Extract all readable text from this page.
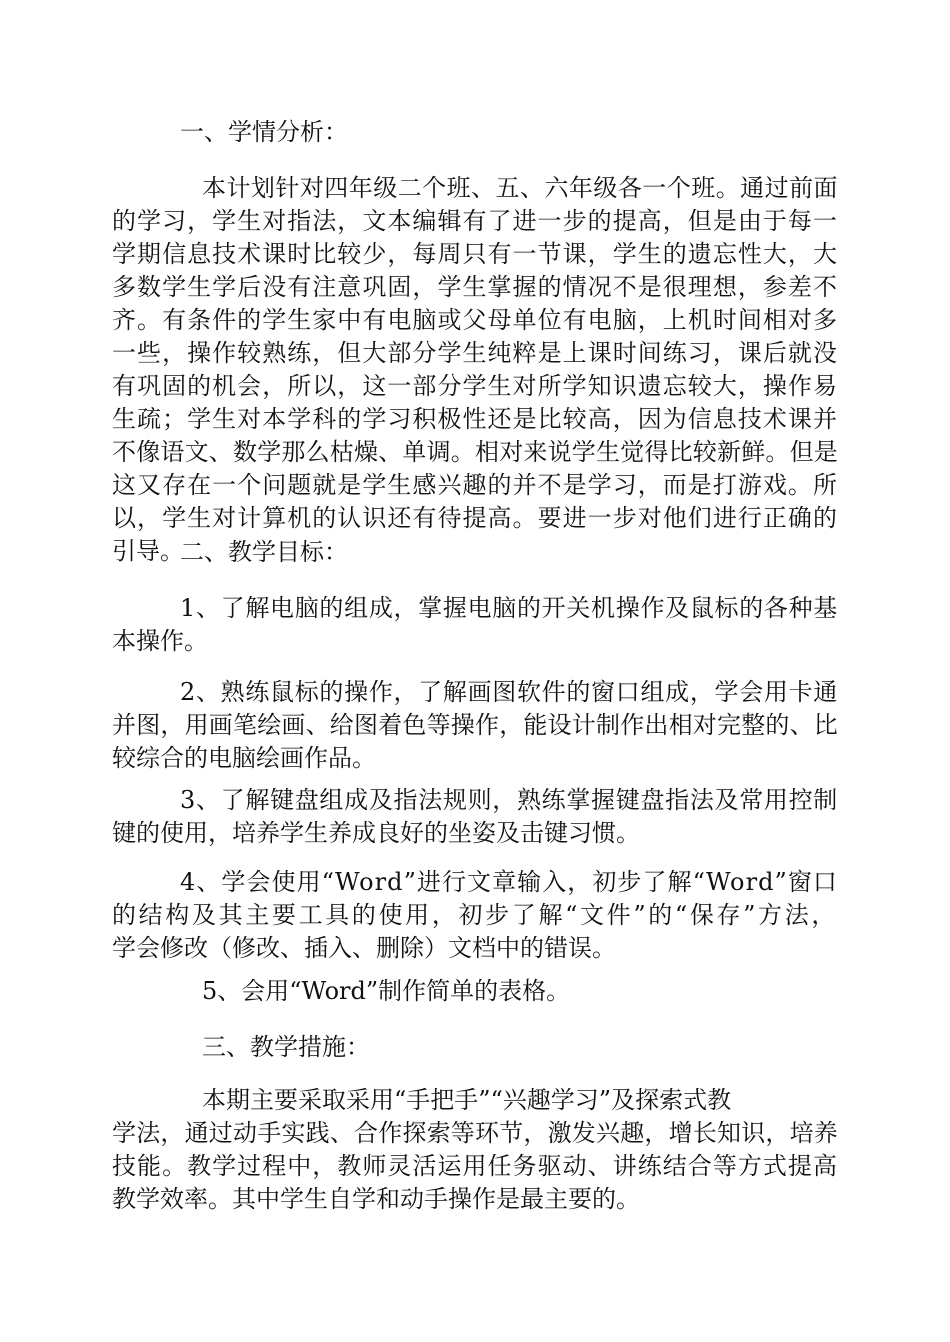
一、学情分析：
本计划针对四年级二个班、五、六年级各一个班。通过前面
的学习，学生对指法，文本编辑有了进一步的提高，但是由于每一
学期信息技术课时比较少，每周只有一节课，学生的遗忘性大，大
多数学生学后没有注意巩固，学生掌握的情况不是很理想，参差不
齐。有条件的学生家中有电脑或父母单位有电脑，上机时间相对多
一些，操作较熟练，但大部分学生纯粹是上课时间练习，课后就没
有巩固的机会，所以，这一部分学生对所学知识遗忘较大，操作易
生疏；学生对本学科的学习积极性还是比较高，因为信息技术课并
不像语文、数学那么枯燥、单调。相对来说学生觉得比较新鲜。但是
这又存在一个问题就是学生感兴趣的并不是学习，而是打游戏。所
以，学生对计算机的认识还有待提高。要进一步对他们进行正确的
引导。
二、教学目标：
1、了解电脑的组成，掌握电脑的开关机操作及鼠标的各种基
本操作。
2、熟练鼠标的操作，了解画图软件的窗口组成，学会用卡通
并图，用画笔绘画、给图着色等操作，能设计制作出相对完整的、比
较综合的电脑绘画作品。
3、了解键盘组成及指法规则，熟练掌握键盘指法及常用控制
键的使用，培养学生养成良好的坐姿及击键习惯。
4、学会使用“Word”进行文章输入，初步了解“Word”窗口
的结构及其主要工具的使用，初步了解“文件”的“保存”方法，
学会修改（修改、插入、删除）文档中的错误。
5、会用“Word”制作简单的表格。
三、教学措施：
本期主要采取采用“手把手”“兴趣学习”及探索式教
学法，通过动手实践、合作探索等环节，激发兴趣，增长知识，培养
技能。教学过程中，教师灵活运用任务驱动、讲练结合等方式提高
教学效率。其中学生自学和动手操作是最主要的。
